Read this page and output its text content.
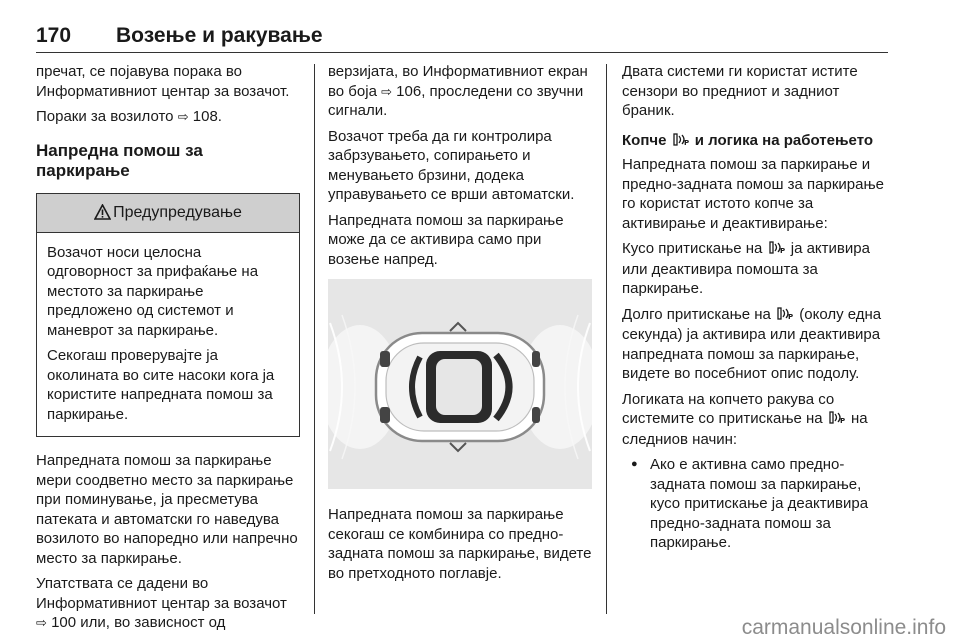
170 Возење и ракување

пречат, се појавува порака во Информативниот центар за возачот.

Пораки за возилото ⇨ 108.

Напредна помош за паркирање
Предупредување

Возачот носи целосна одговорност за прифаќање на местото за паркирање предложено од системот и маневрот за паркирање.

Секогаш проверувајте ја околината во сите насоки кога ја користите напредната помош за паркирање.

Напредната помош за паркирање мери соодветно место за паркирање при поминување, ја пресметува патеката и автоматски го наведува возилото во напоредно или напречно место за паркирање.

Упатствата се дадени во Информативниот центар за возачот ⇨ 100 или, во зависност од

верзијата, во Информативниот екран во боја ⇨ 106, проследени со звучни сигнали.

Возачот треба да ги контролира забрзувањето, сопирањето и менувањето брзини, додека управувањето се врши автоматски.

Напредната помош за паркирање може да се активира само при возење напред.

Напредната помош за паркирање секогаш се комбинира со предно-задната помош за паркирање, видете во претходното поглавје.

Двата системи ги користат истите сензори во предниот и задниот браник.

Копче P и логика на работењето

Напредната помош за паркирање и предно-задната помош за паркирање го користат истото копче за активирање и деактивирање:

Кусо притискање на P ја активира или деактивира помошта за паркирање.

Долго притискање на P (околу една секунда) ја активира или деактивира напредната помош за паркирање, видете во посебниот опис подолу.

Логиката на копчето ракува со системите со притискање на P на следниов начин:

● Ако е активна само предно-задната помош за паркирање, кусо притискање ја деактивира предно-задната помош за паркирање.
carmanualsonline.info
